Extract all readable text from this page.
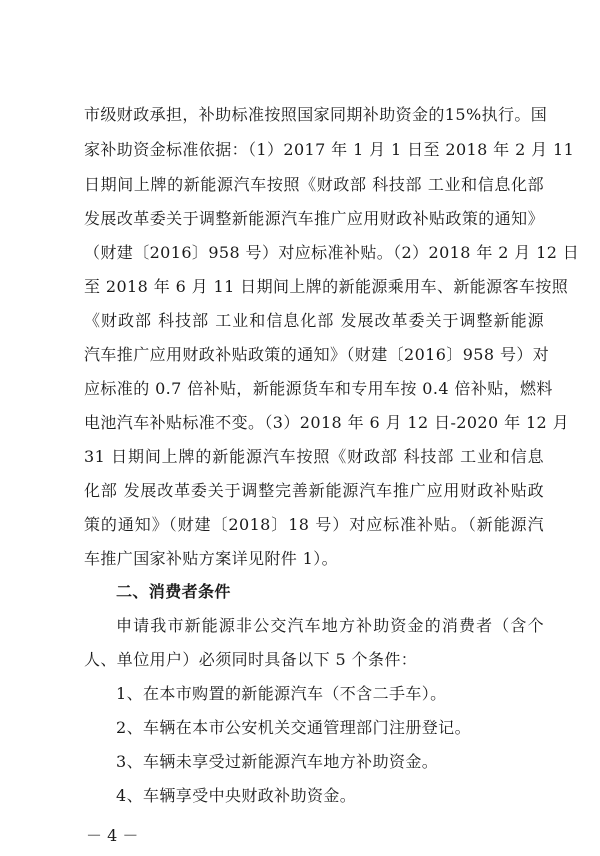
市级财政承担，补助标准按照国家同期补助资金的15%执行。国
家补助资金标准依据：（1）2017 年 1 月 1 日至 2018 年 2 月 11
日期间上牌的新能源汽车按照《财政部 科技部 工业和信息化部
发展改革委关于调整新能源汽车推广应用财政补贴政策的通知》
（财建〔2016〕958 号）对应标准补贴。（2）2018 年 2 月 12 日
至 2018 年 6 月 11 日期间上牌的新能源乘用车、新能源客车按照
《财政部 科技部 工业和信息化部 发展改革委关于调整新能源
汽车推广应用财政补贴政策的通知》（财建〔2016〕958 号）对
应标准的 0.7 倍补贴，新能源货车和专用车按 0.4 倍补贴，燃料
电池汽车补贴标准不变。（3）2018 年 6 月 12 日-2020 年 12 月
31 日期间上牌的新能源汽车按照《财政部 科技部 工业和信息
化部 发展改革委关于调整完善新能源汽车推广应用财政补贴政
策的通知》（财建〔2018〕18 号）对应标准补贴。（新能源汽
车推广国家补贴方案详见附件 1）。
二、消费者条件
申请我市新能源非公交汽车地方补助资金的消费者（含个
人、单位用户）必须同时具备以下 5 个条件：
1、在本市购置的新能源汽车（不含二手车）。
2、车辆在本市公安机关交通管理部门注册登记。
3、车辆未享受过新能源汽车地方补助资金。
4、车辆享受中央财政补助资金。
－ 4 －
